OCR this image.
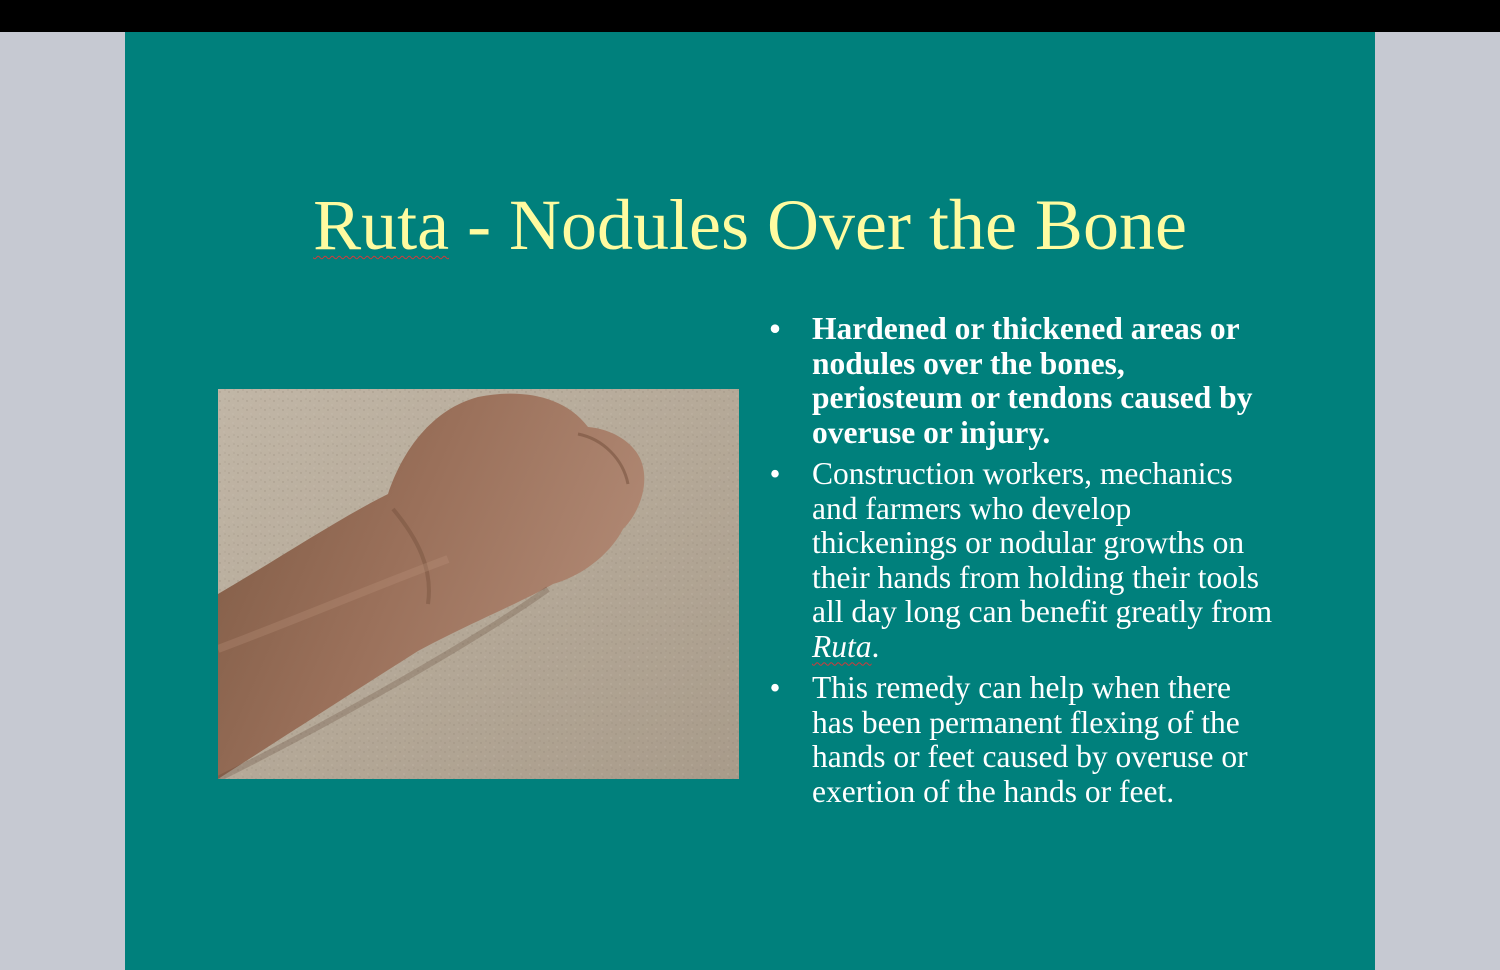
Ruta - Nodules Over the Bone
• Hardened or thickened areas or nodules over the bones, periosteum or tendons caused by overuse or injury.
• Construction workers, mechanics and farmers who develop thickenings or nodular growths on their hands from holding their tools all day long can benefit greatly from Ruta.
• This remedy can help when there has been permanent flexing of the hands or feet caused by overuse or exertion of the hands or feet.
